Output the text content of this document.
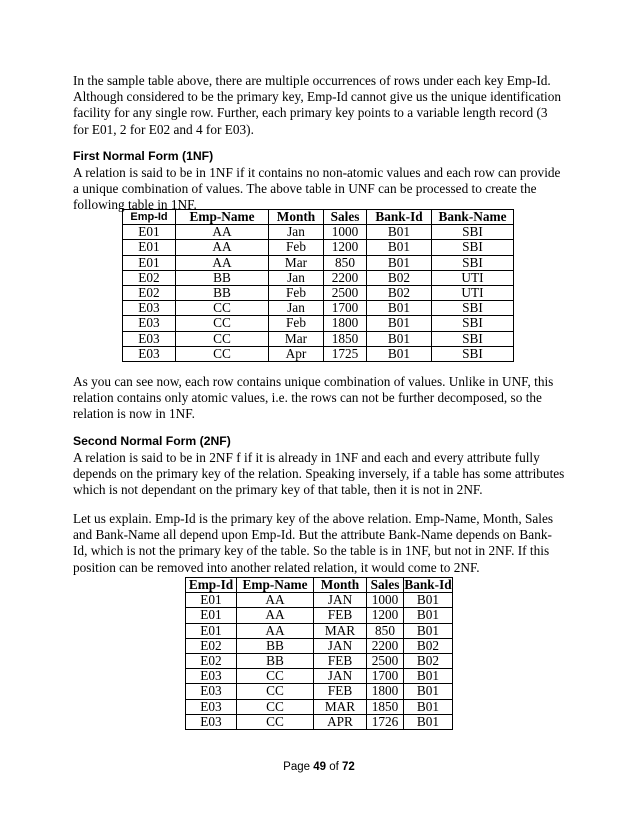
In the sample table above, there are multiple occurrences of rows under each key Emp-Id. Although considered to be the primary key, Emp-Id cannot give us the unique identification facility for any single row. Further, each primary key points to a variable length record (3 for E01, 2 for E02 and 4 for E03).

First Normal Form (1NF)

A relation is said to be in 1NF if it contains no non-atomic values and each row can provide a unique combination of values. The above table in UNF can be processed to create the following table in 1NF.

Emp-Id	Emp-Name	Month	Sales	Bank-Id	Bank-Name
E01	AA	Jan	1000	B01	SBI
E01	AA	Feb	1200	B01	SBI
E01	AA	Mar	850	B01	SBI
E02	BB	Jan	2200	B02	UTI
E02	BB	Feb	2500	B02	UTI
E03	CC	Jan	1700	B01	SBI
E03	CC	Feb	1800	B01	SBI
E03	CC	Mar	1850	B01	SBI
E03	CC	Apr	1725	B01	SBI

As you can see now, each row contains unique combination of values. Unlike in UNF, this relation contains only atomic values, i.e. the rows can not be further decomposed, so the relation is now in 1NF.

Second Normal Form (2NF)

A relation is said to be in 2NF f if it is already in 1NF and each and every attribute fully depends on the primary key of the relation. Speaking inversely, if a table has some attributes which is not dependant on the primary key of that table, then it is not in 2NF.

Let us explain. Emp-Id is the primary key of the above relation. Emp-Name, Month, Sales and Bank-Name all depend upon Emp-Id. But the attribute Bank-Name depends on Bank-Id, which is not the primary key of the table. So the table is in 1NF, but not in 2NF. If this position can be removed into another related relation, it would come to 2NF.

Emp-Id	Emp-Name	Month	Sales	Bank-Id
E01	AA	JAN	1000	B01
E01	AA	FEB	1200	B01
E01	AA	MAR	850	B01
E02	BB	JAN	2200	B02
E02	BB	FEB	2500	B02
E03	CC	JAN	1700	B01
E03	CC	FEB	1800	B01
E03	CC	MAR	1850	B01
E03	CC	APR	1726	B01
Page 49 of 72
